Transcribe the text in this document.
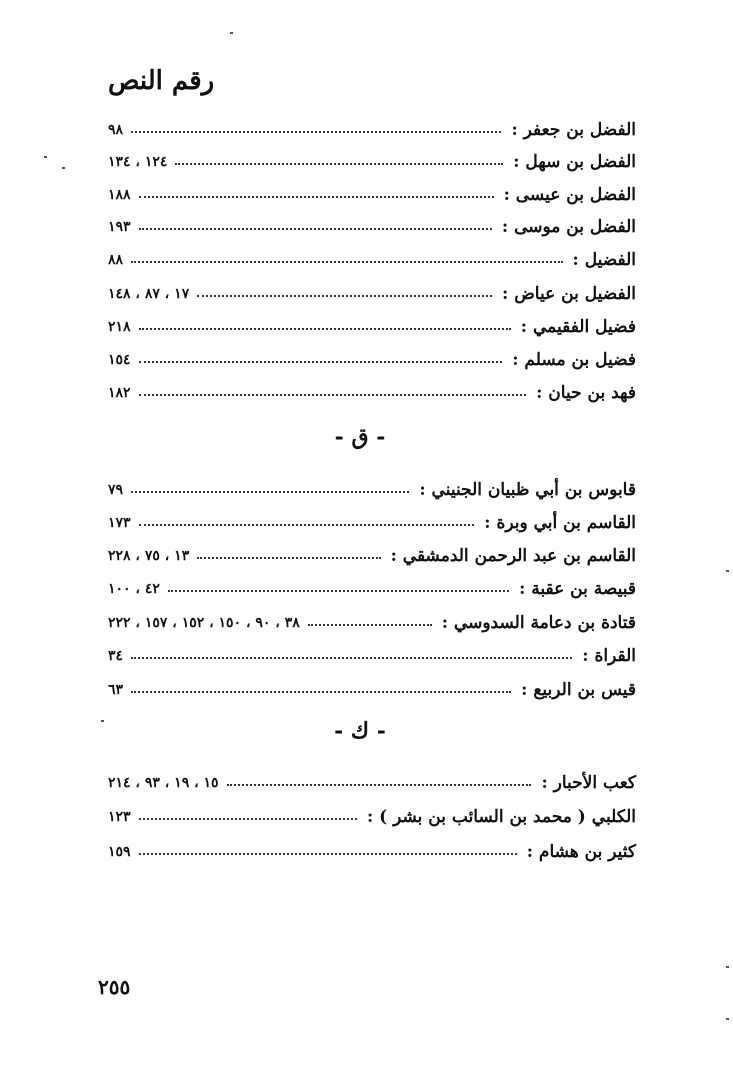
رقم النص
الفضل بن جعفر :
٩٨
الفضل بن سهل :
١٢٤ ، ١٣٤
الفضل بن عيسى :
١٨٨
الفضل بن موسى :
١٩٣
الفضيل :
٨٨
الفضيل بن عياض :
١٧ ، ٨٧ ، ١٤٨
فضيل الفقيمي :
٢١٨
فضيل بن مسلم :
١٥٤
فهد بن حيان :
١٨٢
- ق -
قابوس بن أبي ظبيان الجنيني :
٧٩
القاسم بن أبي وبرة :
١٧٣
القاسم بن عبد الرحمن الدمشقي :
١٣ ، ٧٥ ، ٢٢٨
قبيصة بن عقبة :
٤٢ ، ١٠٠
قتادة بن دعامة السدوسي :
٣٨ ، ٩٠ ، ١٥٠ ، ١٥٢ ، ١٥٧ ، ٢٢٢
القراة :
٣٤
قيس بن الربيع :
٦٣
- ك -
كعب الأحبار :
١٥ ، ١٩ ، ٩٣ ، ٢١٤
الكلبي ( محمد بن السائب بن بشر ) :
١٢٣
كثير بن هشام :
١٥٩
٢٥٥
